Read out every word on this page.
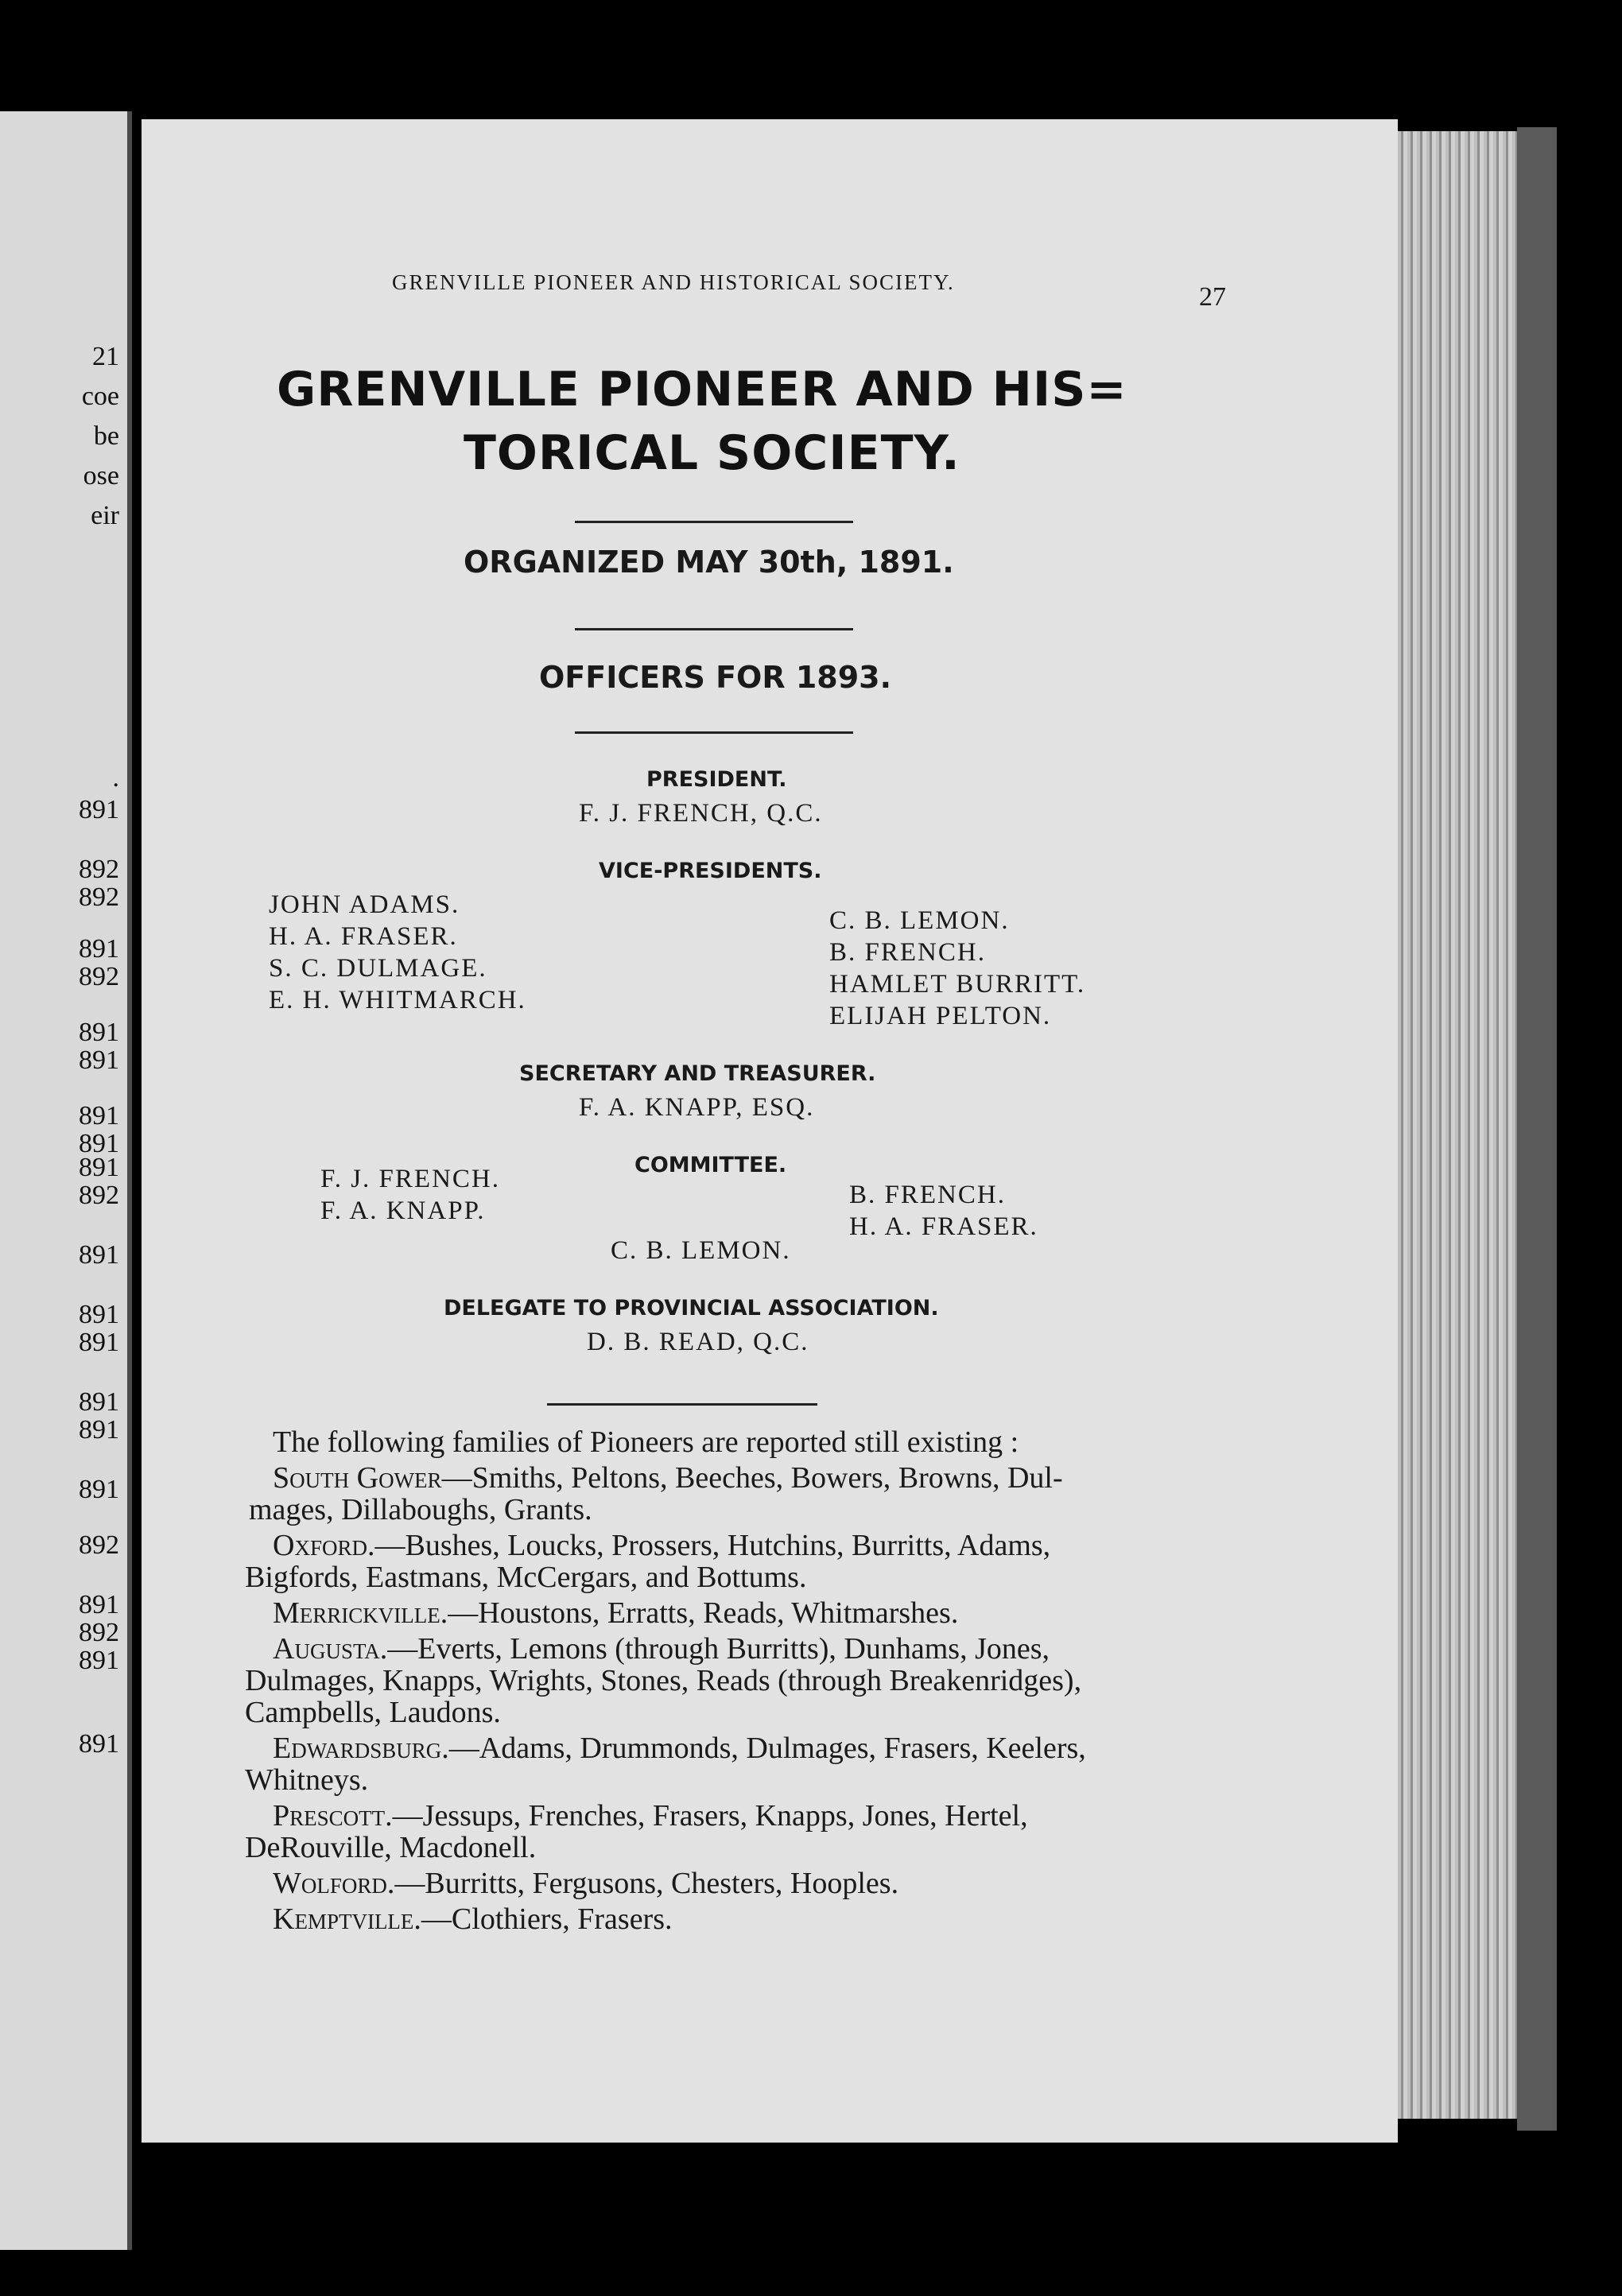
21
coe
be
ose
eir
.
891
892
892
891
892
891
891
891
891
891
892
891
891
891
891
891
891
892
891
892
891
891
GRENVILLE PIONEER AND HISTORICAL SOCIETY.	27
GRENVILLE PIONEER AND HIS=
TORICAL SOCIETY.
ORGANIZED MAY 30th, 1891.
OFFICERS FOR 1893.
PRESIDENT.
F. J. FRENCH, Q.C.
VICE-PRESIDENTS.
JOHN ADAMS.
H. A. FRASER.
S. C. DULMAGE.
E. H. WHITMARCH.
C. B. LEMON.
B. FRENCH.
HAMLET BURRITT.
ELIJAH PELTON.
SECRETARY AND TREASURER.
F. A. KNAPP, ESQ.
COMMITTEE.
F. J. FRENCH.
F. A. KNAPP.
B. FRENCH.
H. A. FRASER.
C. B. LEMON.
DELEGATE TO PROVINCIAL ASSOCIATION.
D. B. READ, Q.C.
The following families of Pioneers are reported still existing :
South Gower—Smiths, Peltons, Beeches, Bowers, Browns, Dul-
mages, Dillaboughs, Grants.
Oxford.—Bushes, Loucks, Prossers, Hutchins, Burritts, Adams,
Bigfords, Eastmans, McCergars, and Bottums.
Merrickville.—Houstons, Erratts, Reads, Whitmarshes.
Augusta.—Everts, Lemons (through Burritts), Dunhams, Jones,
Dulmages, Knapps, Wrights, Stones, Reads (through Breakenridges),
Campbells, Laudons.
Edwardsburg.—Adams, Drummonds, Dulmages, Frasers, Keelers,
Whitneys.
Prescott.—Jessups, Frenches, Frasers, Knapps, Jones, Hertel,
DeRouville, Macdonell.
Wolford.—Burritts, Fergusons, Chesters, Hooples.
Kemptville.—Clothiers, Frasers.
